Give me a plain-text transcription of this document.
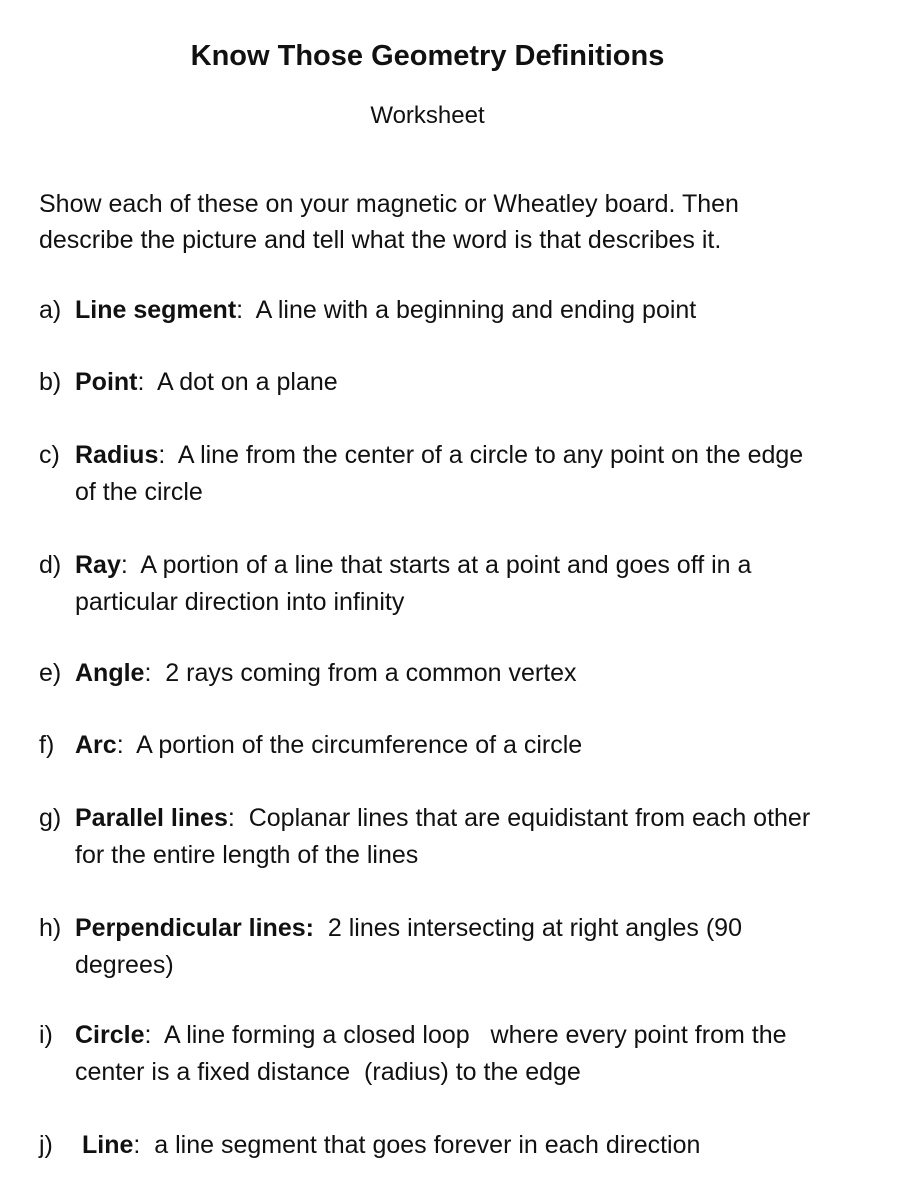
Know Those Geometry Definitions
Worksheet
Show each of these on your magnetic or Wheatley board. Then
describe the picture and tell what the word is that describes it.
a) Line segment:  A line with a beginning and ending point
b) Point:  A dot on a plane
c) Radius:  A line from the center of a circle to any point on the edge
of the circle
d) Ray:  A portion of a line that starts at a point and goes off in a
particular direction into infinity
e) Angle:  2 rays coming from a common vertex
f) Arc:  A portion of the circumference of a circle
g) Parallel lines:  Coplanar lines that are equidistant from each other
for the entire length of the lines
h) Perpendicular lines:  2 lines intersecting at right angles (90
degrees)
i) Circle:  A line forming a closed loop   where every point from the
center is a fixed distance  (radius) to the edge
j)	Line:  a line segment that goes forever in each direction
